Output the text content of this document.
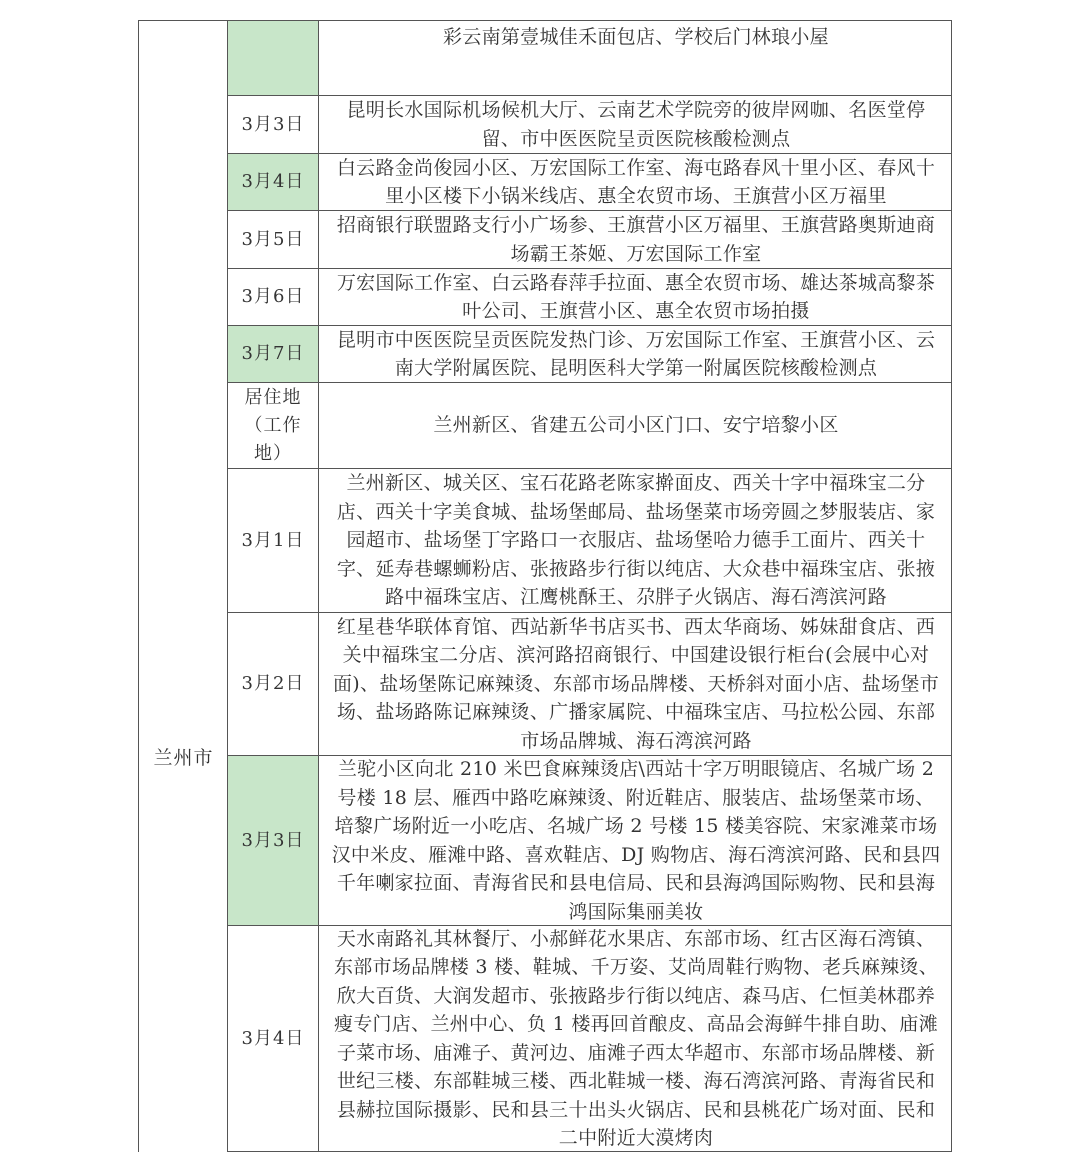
彩云南第壹城佳禾面包店、学校后门林琅小屋
3月3日
昆明长水国际机场候机大厅、云南艺术学院旁的彼岸网咖、名医堂停留、市中医医院呈贡医院核酸检测点
3月4日
白云路金尚俊园小区、万宏国际工作室、海屯路春风十里小区、春风十里小区楼下小锅米线店、惠全农贸市场、王旗营小区万福里
3月5日
招商银行联盟路支行小广场参、王旗营小区万福里、王旗营路奥斯迪商场霸王茶姬、万宏国际工作室
3月6日
万宏国际工作室、白云路春萍手拉面、惠全农贸市场、雄达茶城高黎茶叶公司、王旗营小区、惠全农贸市场拍摄
3月7日
昆明市中医医院呈贡医院发热门诊、万宏国际工作室、王旗营小区、云南大学附属医院、昆明医科大学第一附属医院核酸检测点
兰州市
居住地（工作地）
兰州新区、省建五公司小区门口、安宁培黎小区
3月1日
兰州新区、城关区、宝石花路老陈家擀面皮、西关十字中福珠宝二分店、西关十字美食城、盐场堡邮局、盐场堡菜市场旁圆之梦服装店、家园超市、盐场堡丁字路口一衣服店、盐场堡哈力德手工面片、西关十字、延寿巷螺蛳粉店、张掖路步行街以纯店、大众巷中福珠宝店、张掖路中福珠宝店、江鹰桃酥王、尕胖子火锅店、海石湾滨河路
3月2日
红星巷华联体育馆、西站新华书店买书、西太华商场、姊妹甜食店、西关中福珠宝二分店、滨河路招商银行、中国建设银行柜台(会展中心对面)、盐场堡陈记麻辣烫、东部市场品牌楼、天桥斜对面小店、盐场堡市场、盐场路陈记麻辣烫、广播家属院、中福珠宝店、马拉松公园、东部市场品牌城、海石湾滨河路
3月3日
兰驼小区向北 210 米巴食麻辣烫店\西站十字万明眼镜店、名城广场 2 号楼 18 层、雁西中路吃麻辣烫、附近鞋店、服装店、盐场堡菜市场、培黎广场附近一小吃店、名城广场 2 号楼 15 楼美容院、宋家滩菜市场汉中米皮、雁滩中路、喜欢鞋店、DJ 购物店、海石湾滨河路、民和县四千年喇家拉面、青海省民和县电信局、民和县海鸿国际购物、民和县海鸿国际集丽美妆
3月4日
天水南路礼其林餐厅、小郝鲜花水果店、东部市场、红古区海石湾镇、东部市场品牌楼 3 楼、鞋城、千万姿、艾尚周鞋行购物、老兵麻辣烫、欣大百货、大润发超市、张掖路步行街以纯店、森马店、仁恒美林郡养瘦专门店、兰州中心、负 1 楼再回首酿皮、高品会海鲜牛排自助、庙滩子菜市场、庙滩子、黄河边、庙滩子西太华超市、东部市场品牌楼、新世纪三楼、东部鞋城三楼、西北鞋城一楼、海石湾滨河路、青海省民和县赫拉国际摄影、民和县三十出头火锅店、民和县桃花广场对面、民和二中附近大漠烤肉
